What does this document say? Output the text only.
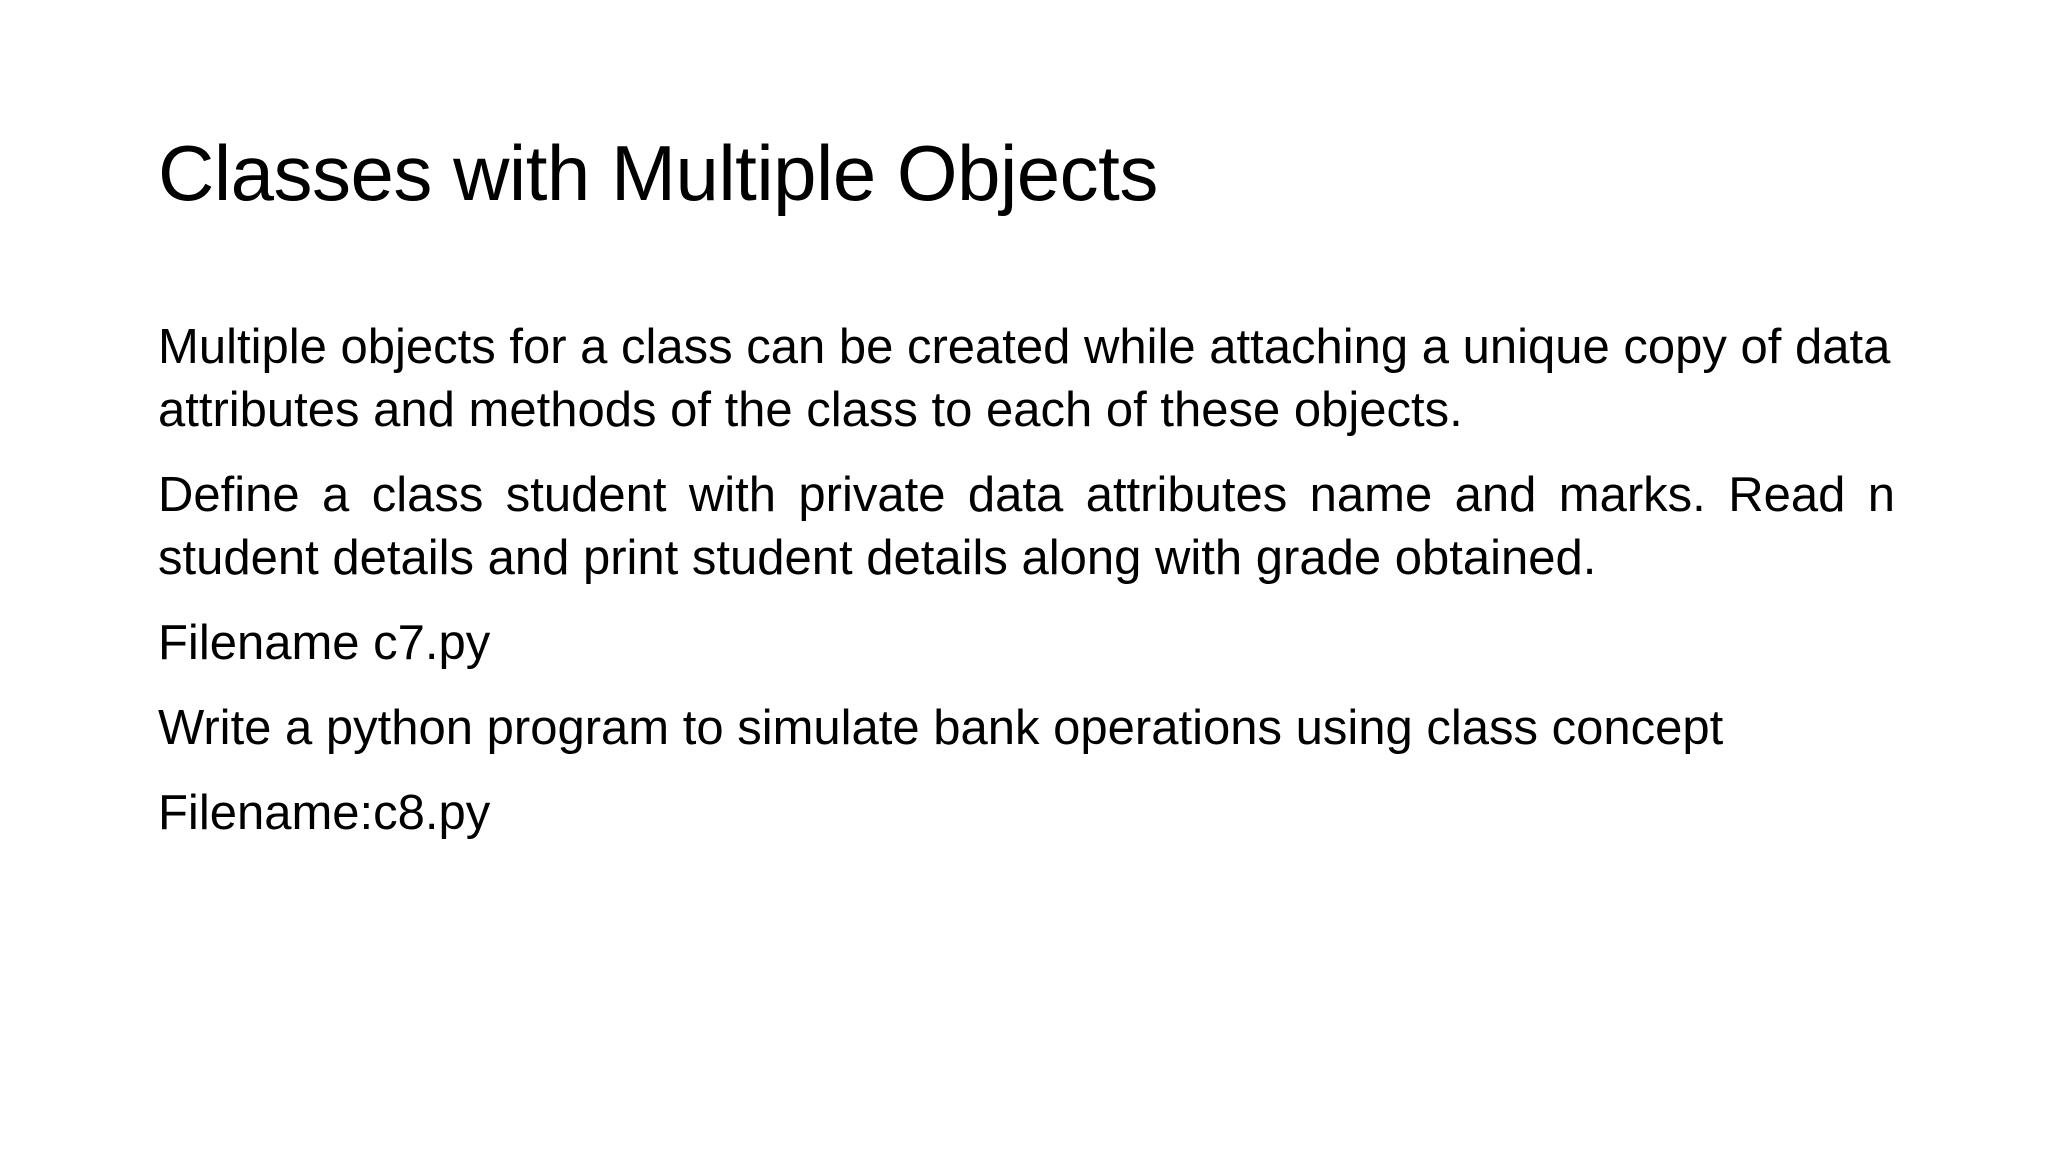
Classes with Multiple Objects

Multiple objects for a class can be created while attaching a unique copy of data attributes and methods of the class to each of these objects.

Define a class student with private data attributes name and marks. Read n student details and print student details along with grade obtained.

Filename c7.py

Write a python program to simulate bank operations using class concept

Filename:c8.py
